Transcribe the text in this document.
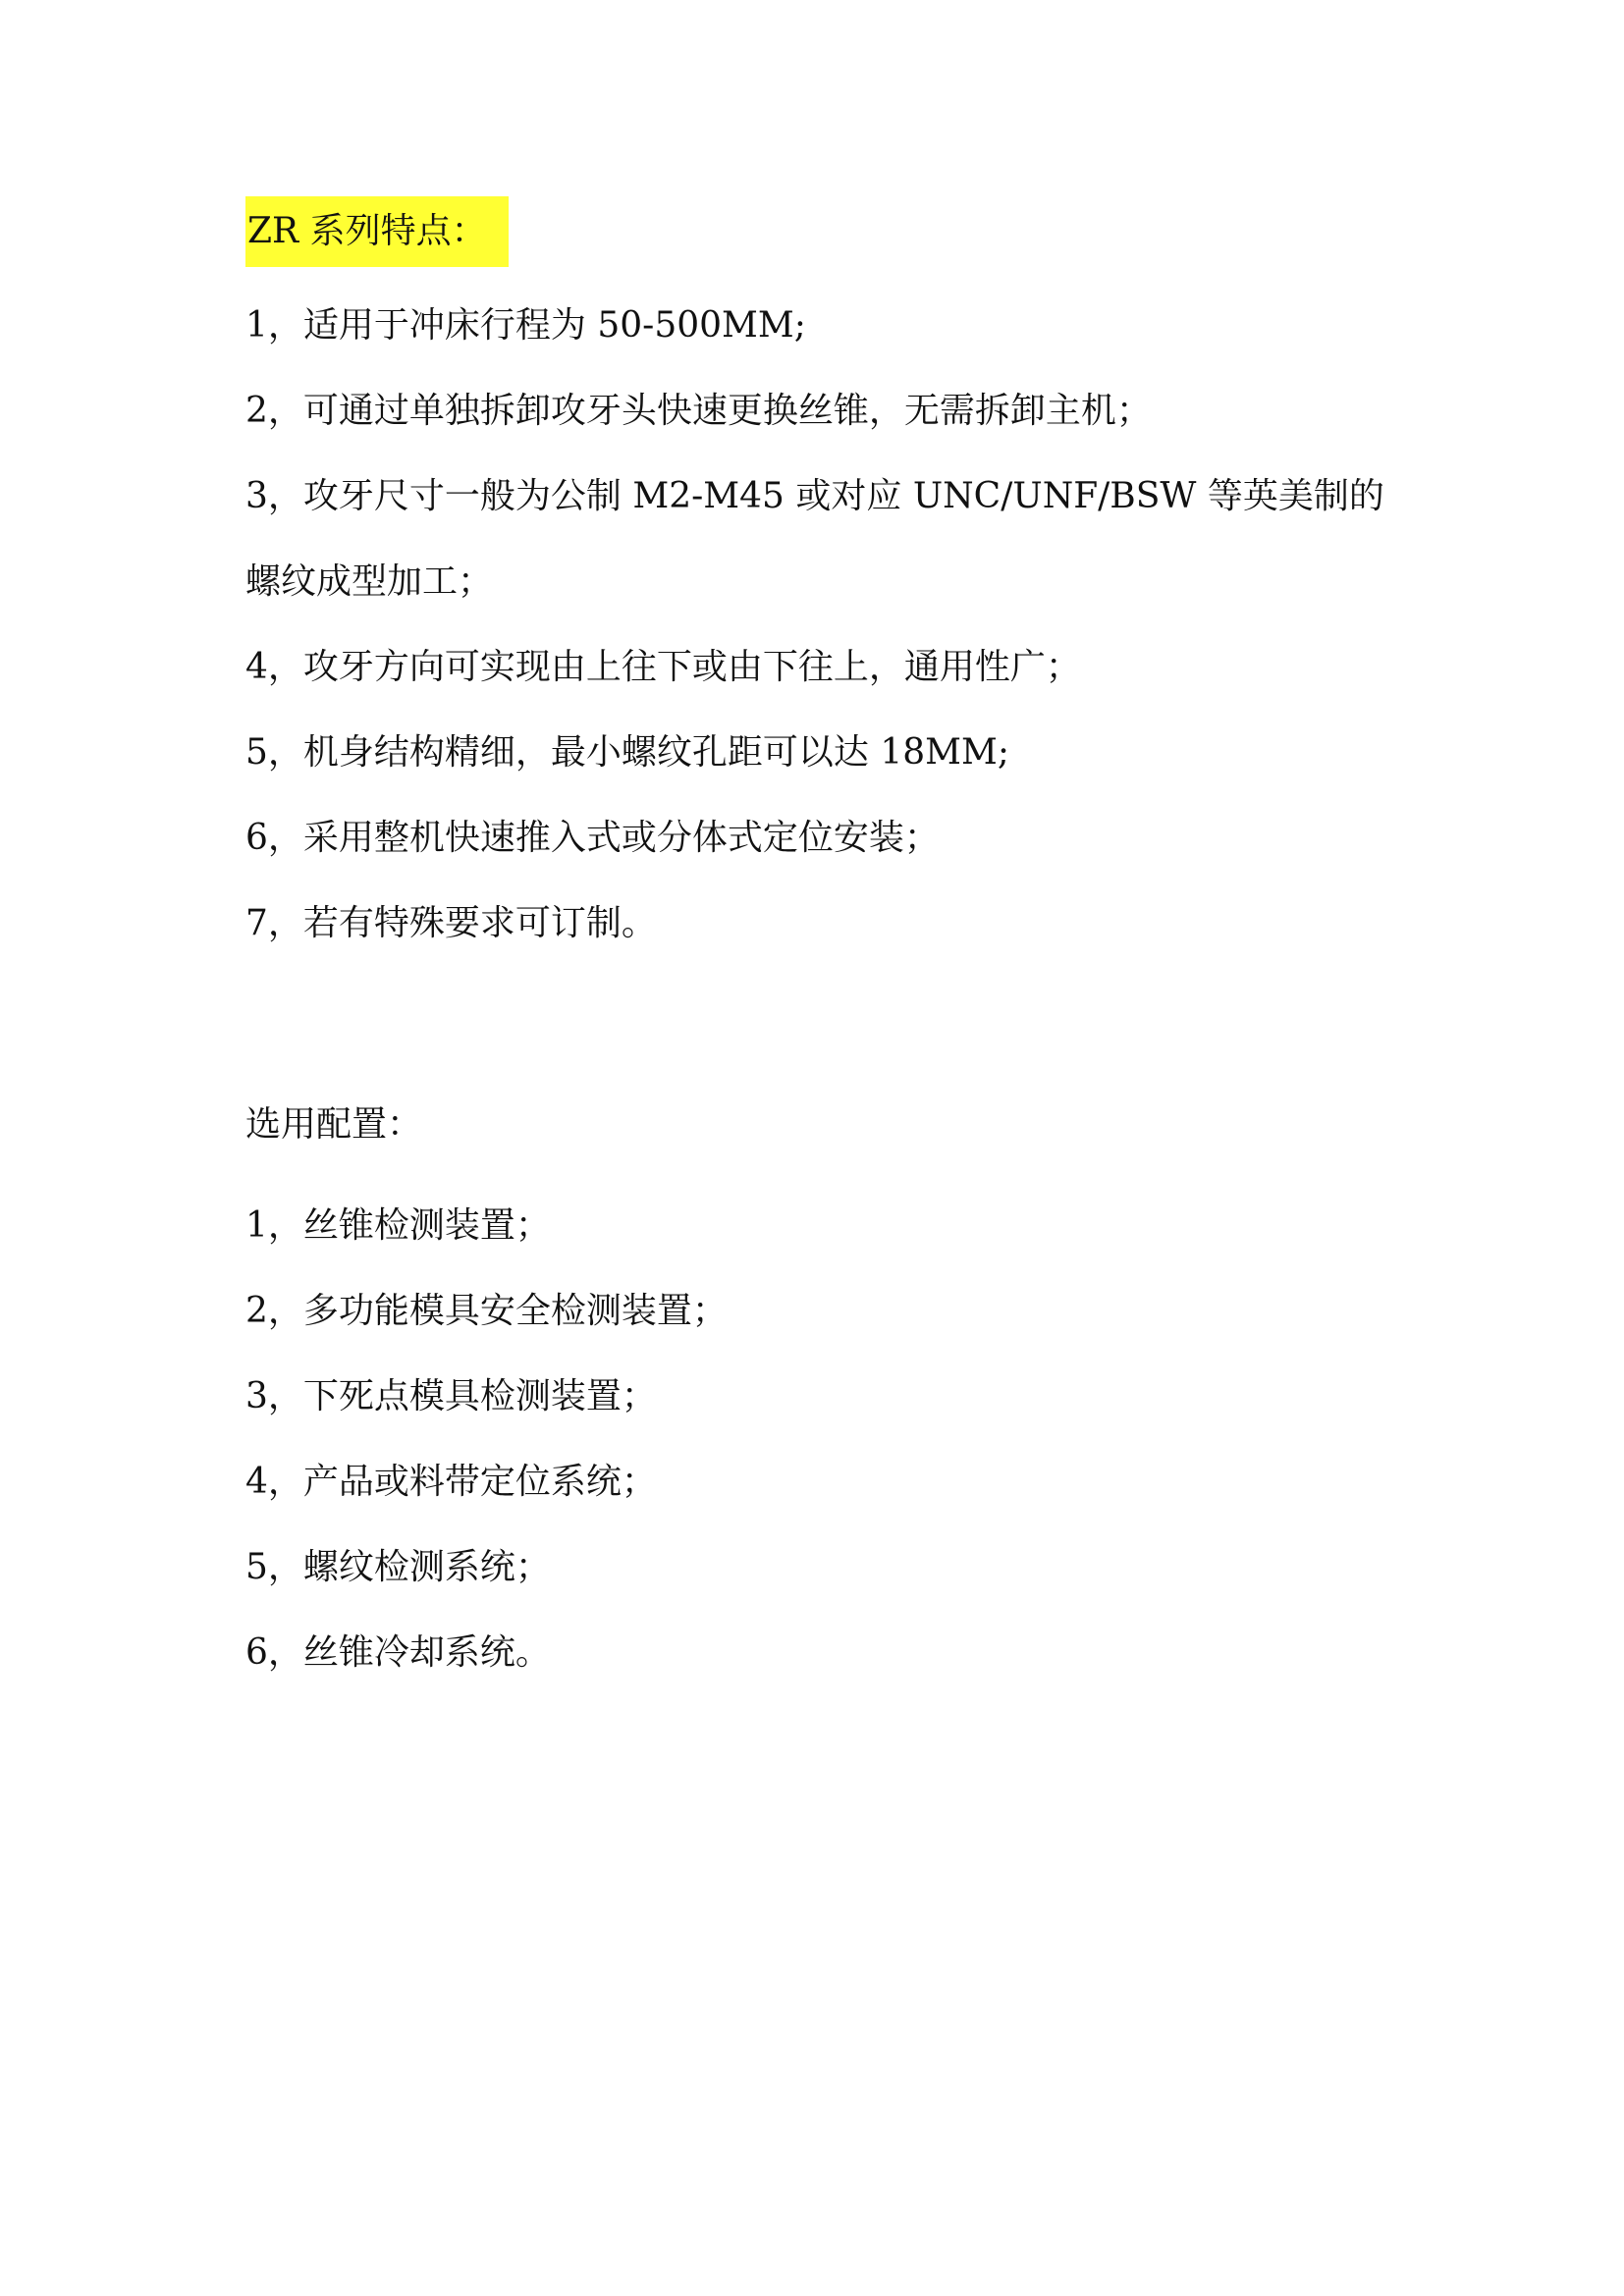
ZR 系列特点：
1，适用于冲床行程为 50-500MM;
2，可通过单独拆卸攻牙头快速更换丝锥，无需拆卸主机；
3，攻牙尺寸一般为公制 M2-M45 或对应 UNC/UNF/BSW 等英美制的螺纹成型加工；
4，攻牙方向可实现由上往下或由下往上，通用性广；
5，机身结构精细，最小螺纹孔距可以达 18MM;
6，采用整机快速推入式或分体式定位安装；
7，若有特殊要求可订制。
选用配置：
1，丝锥检测装置；
2，多功能模具安全检测装置；
3，下死点模具检测装置；
4，产品或料带定位系统；
5，螺纹检测系统；
6，丝锥冷却系统。
